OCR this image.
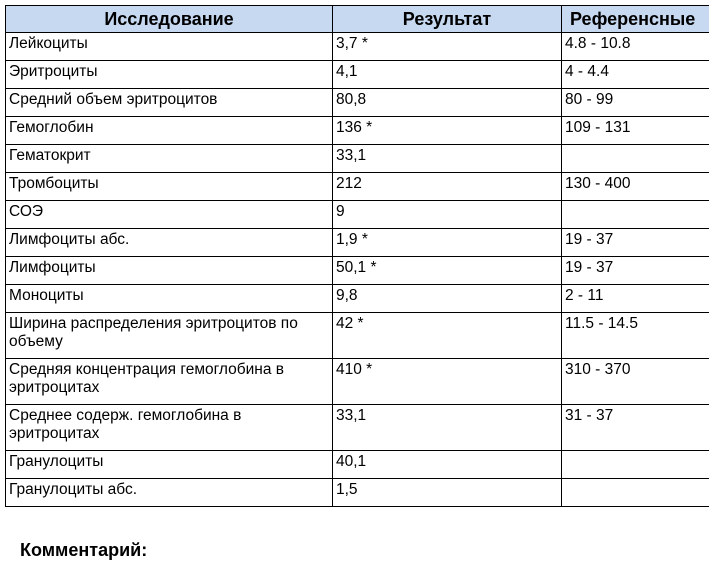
Исследование	Результат	Референсные
Лейкоциты	3,7 *	4.8 - 10.8
Эритроциты	4,1	4 - 4.4
Средний объем эритроцитов	80,8	80 - 99
Гемоглобин	136 *	109 - 131
Гематокрит	33,1	
Тромбоциты	212	130 - 400
СОЭ	9	
Лимфоциты абс.	1,9 *	19 - 37
Лимфоциты	50,1 *	19 - 37
Моноциты	9,8	2 - 11
Ширина распределения эритроцитов по объему	42 *	11.5 - 14.5
Средняя концентрация гемоглобина в эритроцитах	410 *	310 - 370
Среднее содерж. гемоглобина в эритроцитах	33,1	31 - 37
Гранулоциты	40,1	
Гранулоциты абс.	1,5	
Комментарий:
